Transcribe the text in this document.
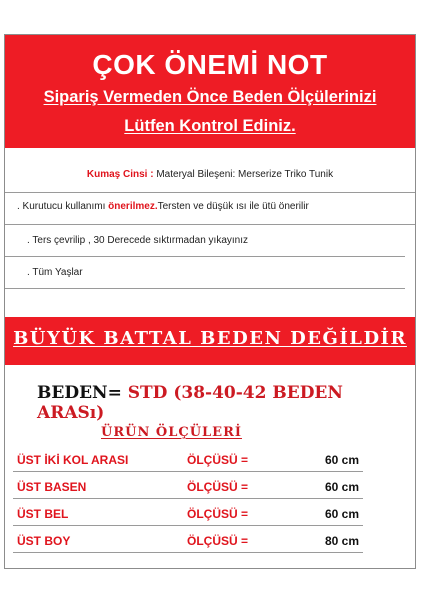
ÇOK ÖNEMİ NOT
Sipariş Vermeden Önce Beden Ölçülerinizi
Lütfen Kontrol Ediniz.
Kumaş Cinsi : Materyal Bileşeni: Merserize Triko Tunik
. Kurutucu kullanımı önerilmez.Tersten ve düşük ısı ile ütü önerilir
. Ters çevrilip , 30 Derecede sıktırmadan yıkayınız
. Tüm Yaşlar
BÜYÜK BATTAL BEDEN DEĞİLDİR
BEDEN= STD (38-40-42 BEDEN ARASı)
ÜRÜN ÖLÇÜLERİ
ÜST İKİ KOL ARASI	ÖLÇÜSÜ =	60 cm
ÜST BASEN	ÖLÇÜSÜ =	60 cm
ÜST BEL	ÖLÇÜSÜ =	60 cm
ÜST BOY	ÖLÇÜSÜ =	80 cm
